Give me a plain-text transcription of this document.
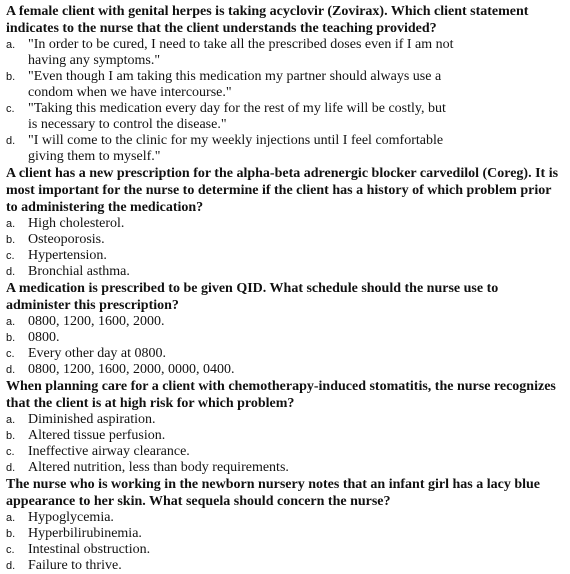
A female client with genital herpes is taking acyclovir (Zovirax). Which client statement indicates to the nurse that the client understands the teaching provided?

a. "In order to be cured, I need to take all the prescribed doses even if I am not having any symptoms."
b. "Even though I am taking this medication my partner should always use a condom when we have intercourse."
c. "Taking this medication every day for the rest of my life will be costly, but is necessary to control the disease."
d. "I will come to the clinic for my weekly injections until I feel comfortable giving them to myself."

A client has a new prescription for the alpha-beta adrenergic blocker carvedilol (Coreg). It is most important for the nurse to determine if the client has a history of which problem prior to administering the medication?

a. High cholesterol.
b. Osteoporosis.
c. Hypertension.
d. Bronchial asthma.

A medication is prescribed to be given QID. What schedule should the nurse use to administer this prescription?

a. 0800, 1200, 1600, 2000.
b. 0800.
c. Every other day at 0800.
d. 0800, 1200, 1600, 2000, 0000, 0400.

When planning care for a client with chemotherapy-induced stomatitis, the nurse recognizes that the client is at high risk for which problem?

a. Diminished aspiration.
b. Altered tissue perfusion.
c. Ineffective airway clearance.
d. Altered nutrition, less than body requirements.

The nurse who is working in the newborn nursery notes that an infant girl has a lacy blue appearance to her skin. What sequela should concern the nurse?

a. Hypoglycemia.
b. Hyperbilirubinemia.
c. Intestinal obstruction.
d. Failure to thrive.
